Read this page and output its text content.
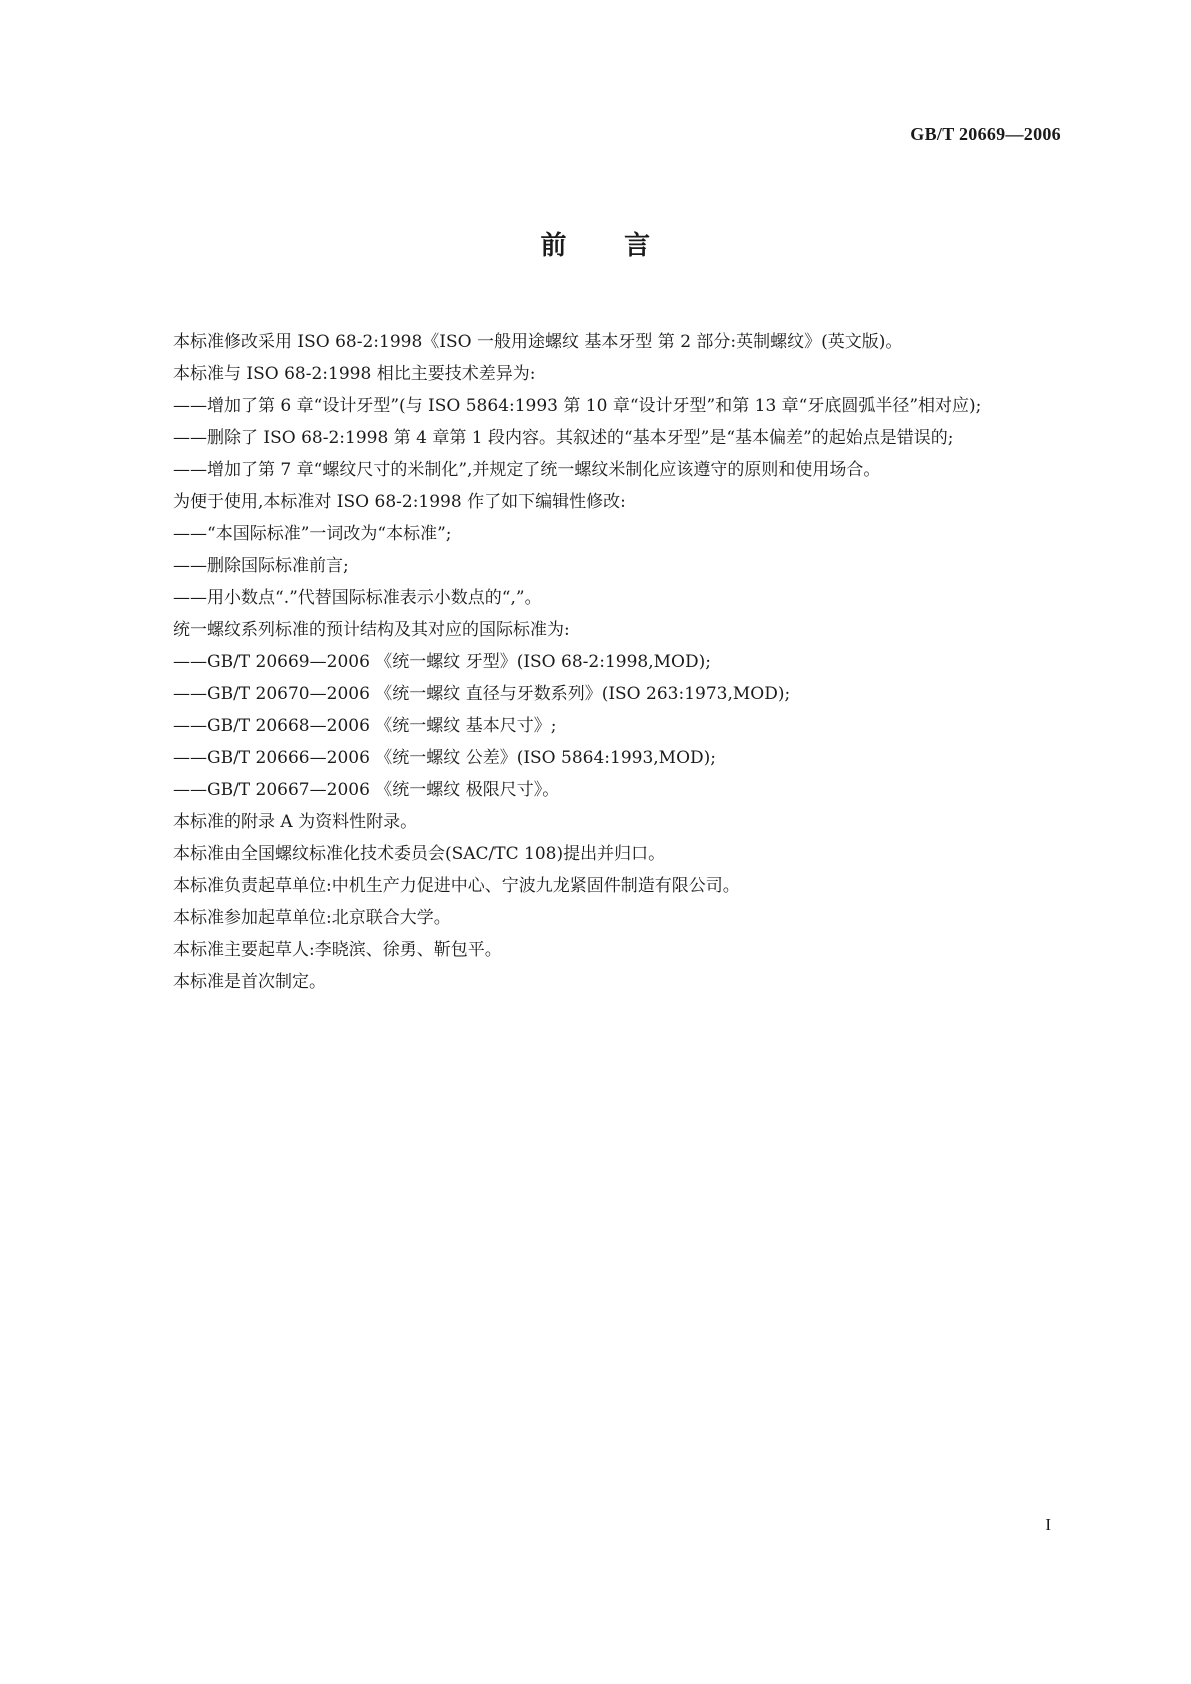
GB/T 20669—2006
前 言

本标准修改采用 ISO 68-2:1998《ISO 一般用途螺纹 基本牙型 第 2 部分:英制螺纹》(英文版)。

本标准与 ISO 68-2:1998 相比主要技术差异为:

——增加了第 6 章“设计牙型”(与 ISO 5864:1993 第 10 章“设计牙型”和第 13 章“牙底圆弧半径”相对应);

——删除了 ISO 68-2:1998 第 4 章第 1 段内容。其叙述的“基本牙型”是“基本偏差”的起始点是错误的;

——增加了第 7 章“螺纹尺寸的米制化”,并规定了统一螺纹米制化应该遵守的原则和使用场合。

为便于使用,本标准对 ISO 68-2:1998 作了如下编辑性修改:

——“本国际标准”一词改为“本标准”;

——删除国际标准前言;

——用小数点“.”代替国际标准表示小数点的“,”。

统一螺纹系列标准的预计结构及其对应的国际标准为:

——GB/T 20669—2006 《统一螺纹 牙型》(ISO 68-2:1998,MOD);

——GB/T 20670—2006 《统一螺纹 直径与牙数系列》(ISO 263:1973,MOD);

——GB/T 20668—2006 《统一螺纹 基本尺寸》;

——GB/T 20666—2006 《统一螺纹 公差》(ISO 5864:1993,MOD);

——GB/T 20667—2006 《统一螺纹 极限尺寸》。

本标准的附录 A 为资料性附录。

本标准由全国螺纹标准化技术委员会(SAC/TC 108)提出并归口。

本标准负责起草单位:中机生产力促进中心、宁波九龙紧固件制造有限公司。

本标准参加起草单位:北京联合大学。

本标准主要起草人:李晓滨、徐勇、靳包平。

本标准是首次制定。

I
